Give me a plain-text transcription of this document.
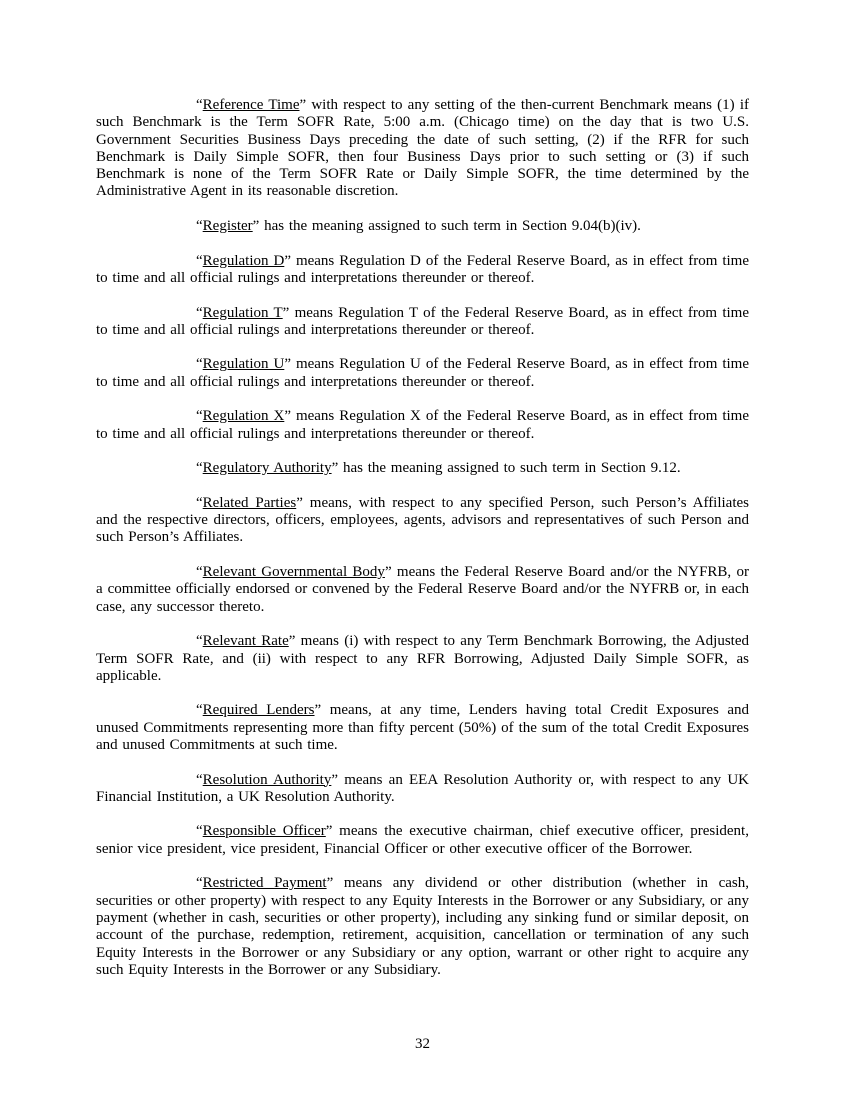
“Reference Time” with respect to any setting of the then-current Benchmark means (1) if such Benchmark is the Term SOFR Rate, 5:00 a.m. (Chicago time) on the day that is two U.S. Government Securities Business Days preceding the date of such setting, (2) if the RFR for such Benchmark is Daily Simple SOFR, then four Business Days prior to such setting or (3) if such Benchmark is none of the Term SOFR Rate or Daily Simple SOFR, the time determined by the Administrative Agent in its reasonable discretion.

“Register” has the meaning assigned to such term in Section 9.04(b)(iv).

“Regulation D” means Regulation D of the Federal Reserve Board, as in effect from time to time and all official rulings and interpretations thereunder or thereof.

“Regulation T” means Regulation T of the Federal Reserve Board, as in effect from time to time and all official rulings and interpretations thereunder or thereof.

“Regulation U” means Regulation U of the Federal Reserve Board, as in effect from time to time and all official rulings and interpretations thereunder or thereof.

“Regulation X” means Regulation X of the Federal Reserve Board, as in effect from time to time and all official rulings and interpretations thereunder or thereof.

“Regulatory Authority” has the meaning assigned to such term in Section 9.12.

“Related Parties” means, with respect to any specified Person, such Person’s Affiliates and the respective directors, officers, employees, agents, advisors and representatives of such Person and such Person’s Affiliates.

“Relevant Governmental Body” means the Federal Reserve Board and/or the NYFRB, or a committee officially endorsed or convened by the Federal Reserve Board and/or the NYFRB or, in each case, any successor thereto.

“Relevant Rate” means (i) with respect to any Term Benchmark Borrowing, the Adjusted Term SOFR Rate, and (ii) with respect to any RFR Borrowing, Adjusted Daily Simple SOFR, as applicable.

“Required Lenders” means, at any time, Lenders having total Credit Exposures and unused Commitments representing more than fifty percent (50%) of the sum of the total Credit Exposures and unused Commitments at such time.

“Resolution Authority” means an EEA Resolution Authority or, with respect to any UK Financial Institution, a UK Resolution Authority.

“Responsible Officer” means the executive chairman, chief executive officer, president, senior vice president, vice president, Financial Officer or other executive officer of the Borrower.

“Restricted Payment” means any dividend or other distribution (whether in cash, securities or other property) with respect to any Equity Interests in the Borrower or any Subsidiary, or any payment (whether in cash, securities or other property), including any sinking fund or similar deposit, on account of the purchase, redemption, retirement, acquisition, cancellation or termination of any such Equity Interests in the Borrower or any Subsidiary or any option, warrant or other right to acquire any such Equity Interests in the Borrower or any Subsidiary.

32
